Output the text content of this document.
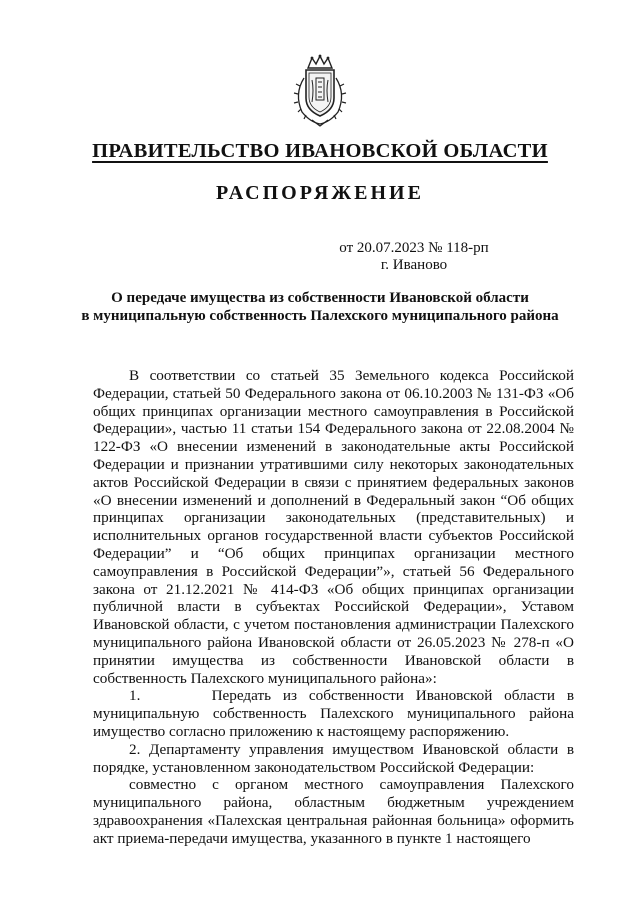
ПРАВИТЕЛЬСТВО ИВАНОВСКОЙ ОБЛАСТИ
РАСПОРЯЖЕНИЕ
от 20.07.2023 № 118-рп
г. Иваново
О передаче имущества из собственности Ивановской области
в муниципальную собственность Палехского муниципального района

В соответствии со статьей 35 Земельного кодекса Российской Федерации, статьей 50 Федерального закона от 06.10.2003 № 131-ФЗ «Об общих принципах организации местного самоуправления в Российской Федерации», частью 11 статьи 154 Федерального закона от 22.08.2004 № 122-ФЗ «О внесении изменений в законодательные акты Российской Федерации и признании утратившими силу некоторых законодательных актов Российской Федерации в связи с принятием федеральных законов «О внесении изменений и дополнений в Федеральный закон “Об общих принципах организации законодательных (представительных) и исполнительных органов государственной власти субъектов Российской Федерации” и “Об общих принципах организации местного самоуправления в Российской Федерации”», статьей 56 Федерального закона от 21.12.2021 № 414-ФЗ «Об общих принципах организации публичной власти в субъектах Российской Федерации», Уставом Ивановской области, с учетом постановления администрации Палехского муниципального района Ивановской области от 26.05.2023 № 278-п «О принятии имущества из собственности Ивановской области в собственность Палехского муниципального района»:

1.      Передать из собственности Ивановской области в муниципальную собственность Палехского муниципального района имущество согласно приложению к настоящему распоряжению.

2. Департаменту управления имуществом Ивановской области в порядке, установленном законодательством Российской Федерации:

совместно с органом местного самоуправления Палехского муниципального района, областным бюджетным учреждением здравоохранения «Палехская центральная районная больница» оформить акт приема-передачи имущества, указанного в пункте 1 настоящего
